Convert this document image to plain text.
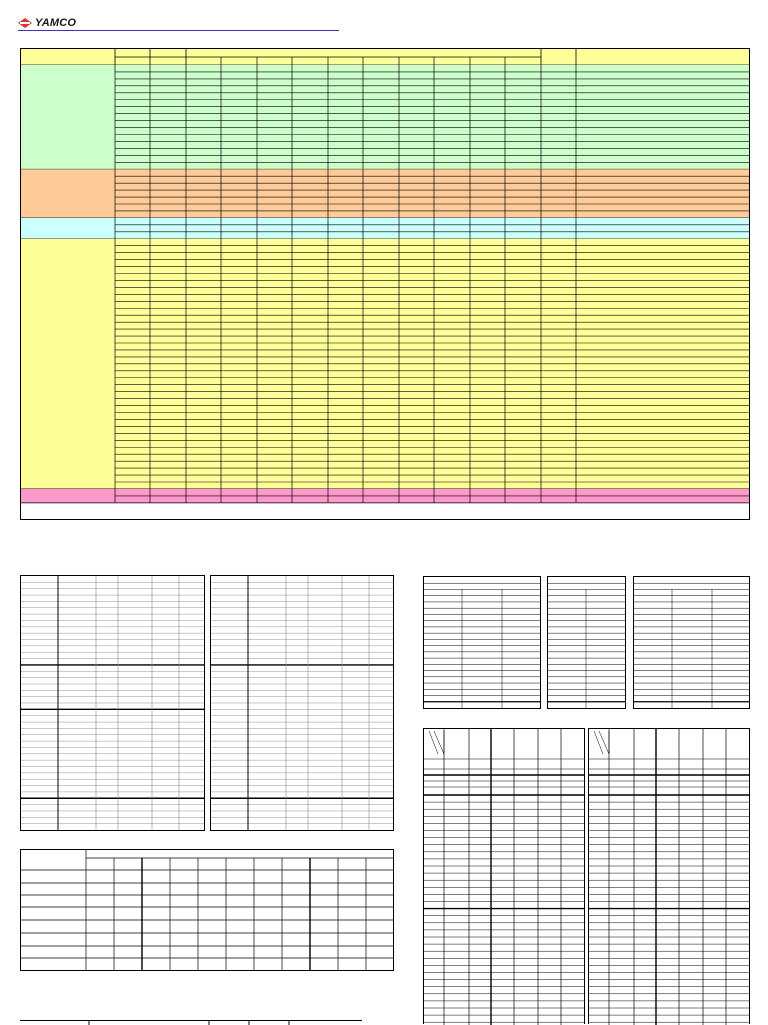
YAMCO
